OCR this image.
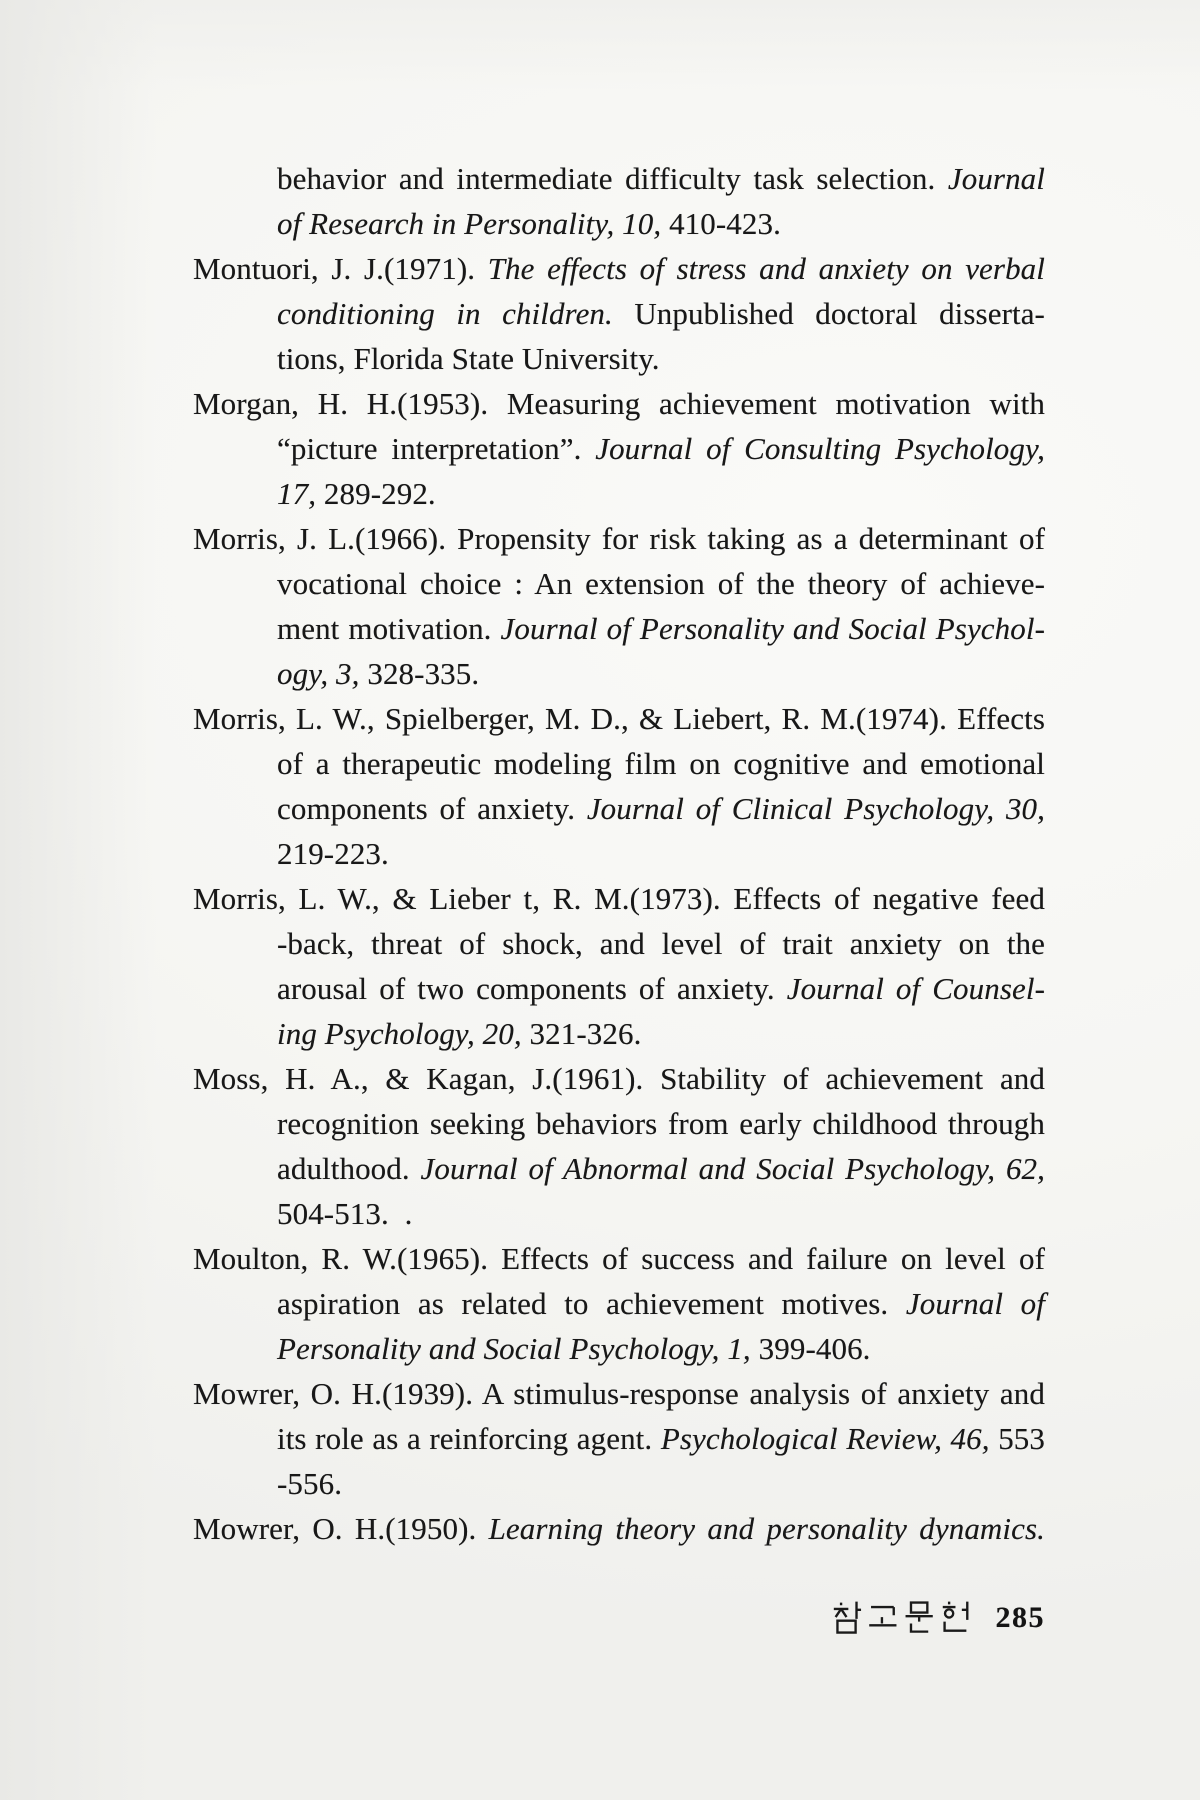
behavior and intermediate difficulty task selection. Journal
of Research in Personality, 10, 410-423.
Montuori, J. J.(1971). The effects of stress and anxiety on verbal
conditioning in children. Unpublished doctoral disserta-
tions, Florida State University.
Morgan, H. H.(1953). Measuring achievement motivation with
“picture interpretation”. Journal of Consulting Psychology,
17, 289-292.
Morris, J. L.(1966). Propensity for risk taking as a determinant of
vocational choice : An extension of the theory of achieve-
ment motivation. Journal of Personality and Social Psychol-
ogy, 3, 328-335.
Morris, L. W., Spielberger, M. D., & Liebert, R. M.(1974). Effects
of a therapeutic modeling film on cognitive and emotional
components of anxiety. Journal of Clinical Psychology, 30,
219-223.
Morris, L. W., & Lieber t, R. M.(1973). Effects of negative feed
-back, threat of shock, and level of trait anxiety on the
arousal of two components of anxiety. Journal of Counsel-
ing Psychology, 20, 321-326.
Moss, H. A., & Kagan, J.(1961). Stability of achievement and
recognition seeking behaviors from early childhood through
adulthood. Journal of Abnormal and Social Psychology, 62,
504-513.  .
Moulton, R. W.(1965). Effects of success and failure on level of
aspiration as related to achievement motives. Journal of
Personality and Social Psychology, 1, 399-406.
Mowrer, O. H.(1939). A stimulus-response analysis of anxiety and
its role as a reinforcing agent. Psychological Review, 46, 553
-556.
Mowrer, O. H.(1950). Learning theory and personality dynamics.
285
